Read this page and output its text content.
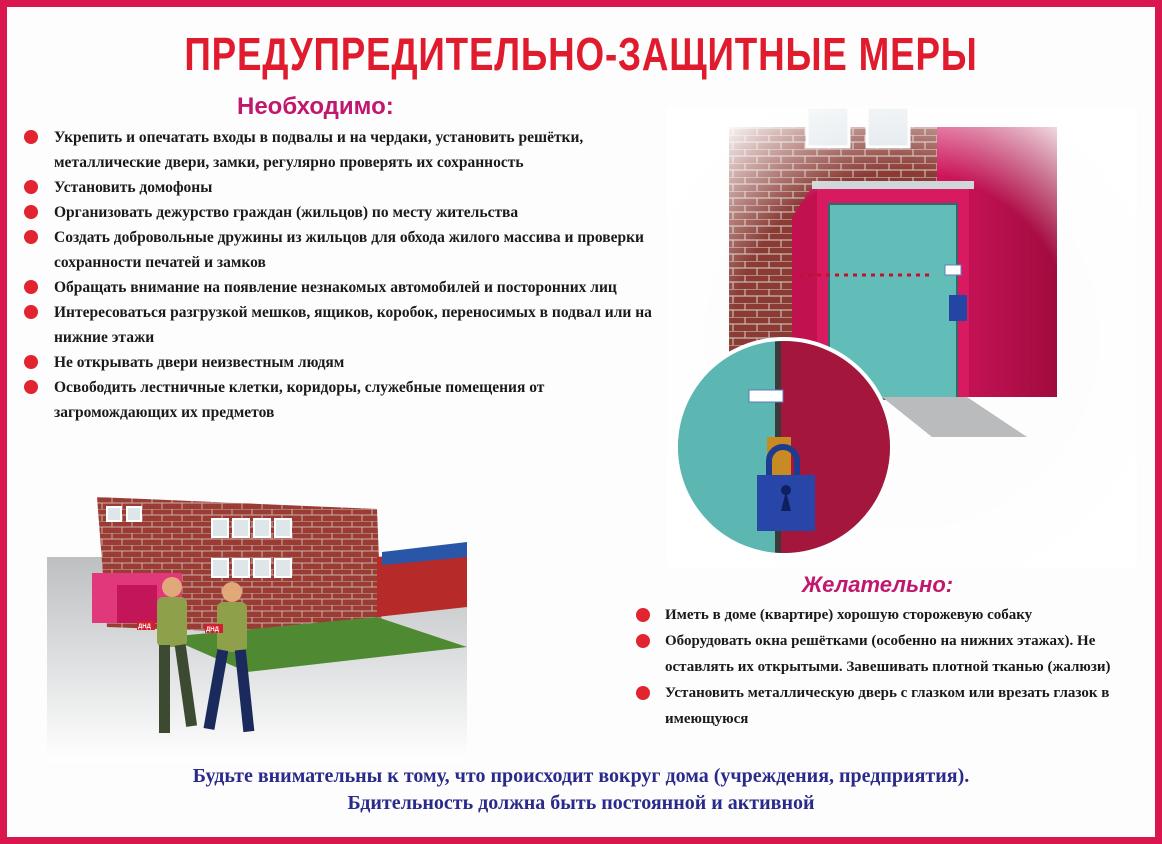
2
ПРЕДУПРЕДИТЕЛЬНО-ЗАЩИТНЫЕ МЕРЫ
Необходимо:
Укрепить и опечатать входы в подвалы и на чердаки, установить решётки, металлические двери, замки, регулярно проверять их сохранность
Установить домофоны
Организовать дежурство граждан (жильцов) по месту жительства
Создать добровольные дружины из жильцов для обхода жилого массива и проверки сохранности печатей и замков
Обращать внимание на появление незнакомых автомобилей и посторонних лиц
Интересоваться разгрузкой мешков, ящиков, коробок, переносимых в подвал или на нижние этажи
Не открывать двери неизвестным людям
Освободить лестничные клетки, коридоры, служебные помещения от загромождающих их предметов
ДНД	ДНД
Желательно:
Иметь в доме (квартире) хорошую сторожевую собаку
Оборудовать окна решётками (особенно на нижних этажах). Не оставлять их открытыми. Завешивать плотной тканью (жалюзи)
Установить металлическую дверь с глазком или врезать глазок в имеющуюся
Будьте внимательны к тому, что происходит вокруг дома (учреждения, предприятия).
Бдительность должна быть постоянной и активной
